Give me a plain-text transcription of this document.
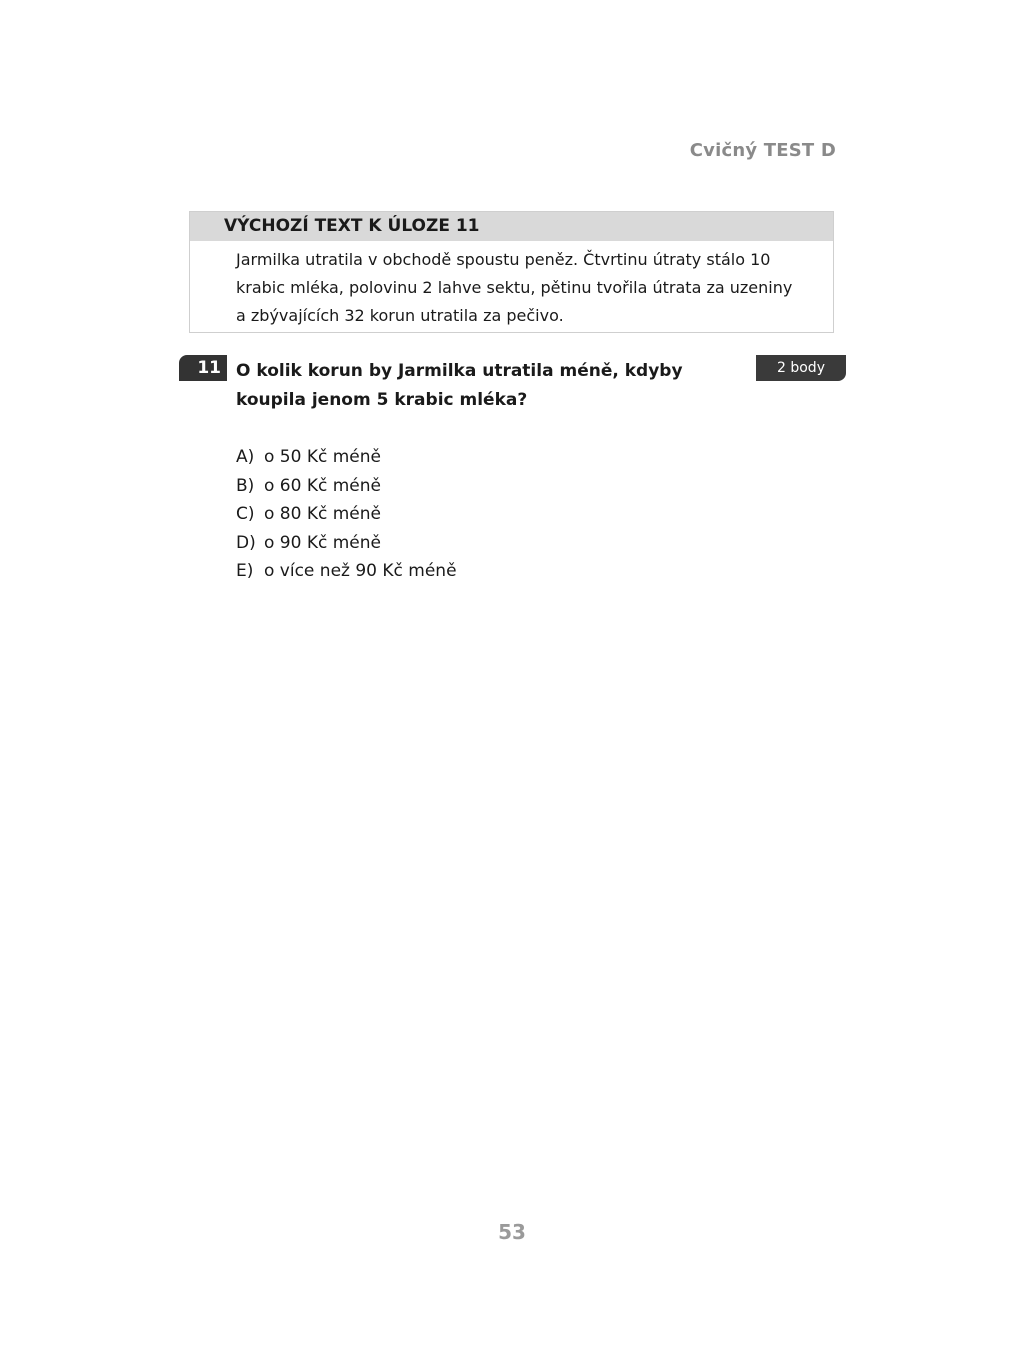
Cvičný TEST D
VÝCHOZÍ TEXT K ÚLOZE 11
Jarmilka utratila v obchodě spoustu peněz. Čtvrtinu útraty stálo 10 krabic mléka, polovinu 2 lahve sektu, pětinu tvořila útrata za uzeniny a zbývajících 32 korun utratila za pečivo.
11 O kolik korun by Jarmilka utratila méně, kdyby koupila jenom 5 krabic mléka?
2 body
A) o 50 Kč méně
B) o 60 Kč méně
C) o 80 Kč méně
D) o 90 Kč méně
E) o více než 90 Kč méně
53
